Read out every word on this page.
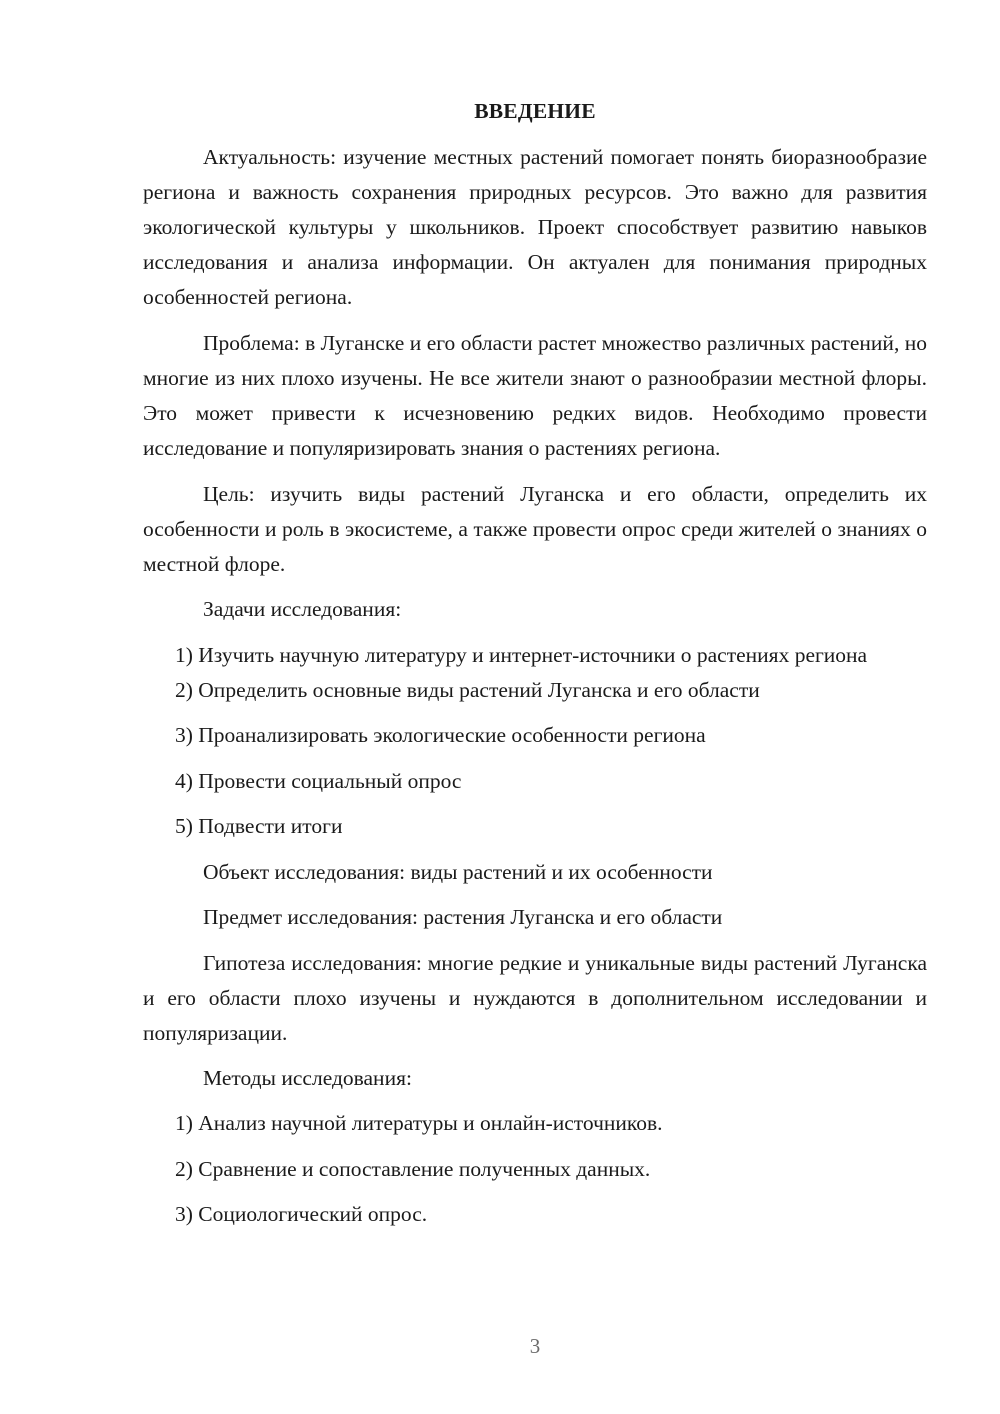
ВВЕДЕНИЕ

Актуальность: изучение местных растений помогает понять биоразнообразие региона и важность сохранения природных ресурсов. Это важно для развития экологической культуры у школьников. Проект способствует развитию навыков исследования и анализа информации. Он актуален для понимания природных особенностей региона.

Проблема: в Луганске и его области растет множество различных растений, но многие из них плохо изучены. Не все жители знают о разнообразии местной флоры. Это может привести к исчезновению редких видов. Необходимо провести исследование и популяризировать знания о растениях региона.

Цель: изучить виды растений Луганска и его области, определить их особенности и роль в экосистеме, а также провести опрос среди жителей о знаниях о местной флоре.

Задачи исследования:

1) Изучить научную литературу и интернет-источники о растениях региона

2) Определить основные виды растений Луганска и его области

3) Проанализировать экологические особенности региона

4) Провести социальный опрос

5) Подвести итоги

Объект исследования: виды растений и их особенности

Предмет исследования: растения Луганска и его области

Гипотеза исследования: многие редкие и уникальные виды растений Луганска и его области плохо изучены и нуждаются в дополнительном исследовании и популяризации.

Методы исследования:

1) Анализ научной литературы и онлайн-источников.

2) Сравнение и сопоставление полученных данных.

3) Социологический опрос.

3
